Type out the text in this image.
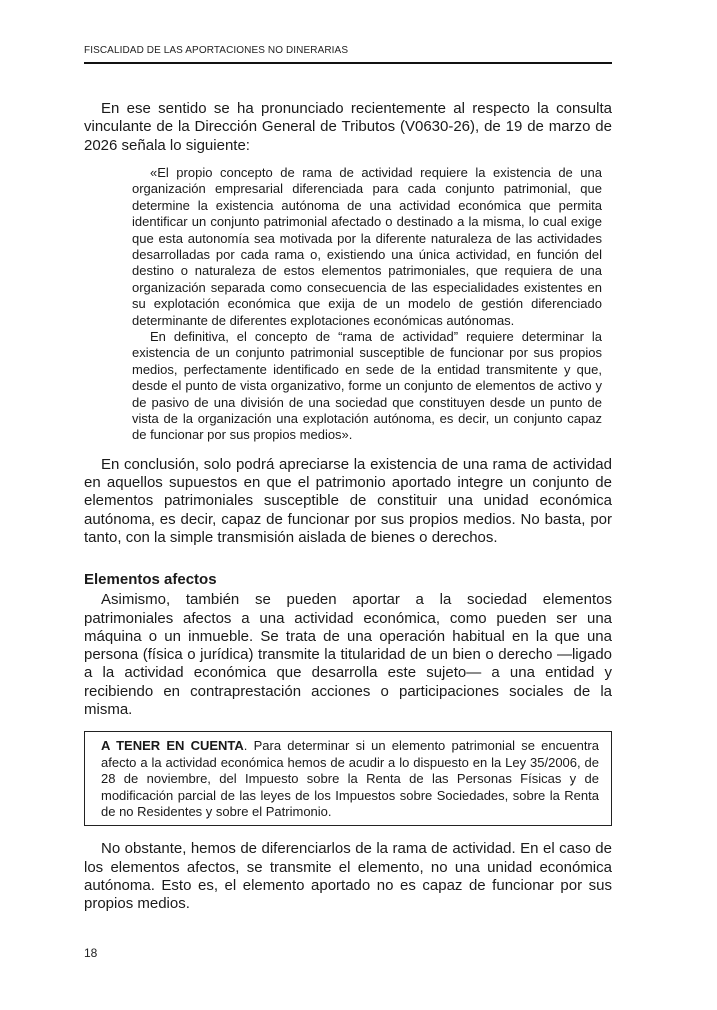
FISCALIDAD DE LAS APORTACIONES NO DINERARIAS

En ese sentido se ha pronunciado recientemente al respecto la consulta vinculante de la Dirección General de Tributos (V0630-26), de 19 de marzo de 2026 señala lo siguiente:

«El propio concepto de rama de actividad requiere la existencia de una organización empresarial diferenciada para cada conjunto patrimonial, que determine la existencia autónoma de una actividad económica que permita identificar un conjunto patrimonial afectado o destinado a la misma, lo cual exige que esta autonomía sea motivada por la diferente naturaleza de las actividades desarrolladas por cada rama o, existiendo una única actividad, en función del destino o naturaleza de estos elementos patrimoniales, que requiera de una organización separada como consecuencia de las especialidades existentes en su explotación económica que exija de un modelo de gestión diferenciado determinante de diferentes explotaciones económicas autónomas.

En definitiva, el concepto de “rama de actividad” requiere determinar la existencia de un conjunto patrimonial susceptible de funcionar por sus propios medios, perfectamente identificado en sede de la entidad transmitente y que, desde el punto de vista organizativo, forme un conjunto de elementos de activo y de pasivo de una división de una sociedad que constituyen desde un punto de vista de la organización una explotación autónoma, es decir, un conjunto capaz de funcionar por sus propios medios».

En conclusión, solo podrá apreciarse la existencia de una rama de actividad en aquellos supuestos en que el patrimonio aportado integre un conjunto de elementos patrimoniales susceptible de constituir una unidad económica autónoma, es decir, capaz de funcionar por sus propios medios. No basta, por tanto, con la simple transmisión aislada de bienes o derechos.

Elementos afectos

Asimismo, también se pueden aportar a la sociedad elementos patrimoniales afectos a una actividad económica, como pueden ser una máquina o un inmueble. Se trata de una operación habitual en la que una persona (física o jurídica) transmite la titularidad de un bien o derecho —ligado a la actividad económica que desarrolla este sujeto— a una entidad y recibiendo en contraprestación acciones o participaciones sociales de la misma.

A TENER EN CUENTA. Para determinar si un elemento patrimonial se encuentra afecto a la actividad económica hemos de acudir a lo dispuesto en la Ley 35/2006, de 28 de noviembre, del Impuesto sobre la Renta de las Personas Físicas y de modificación parcial de las leyes de los Impuestos sobre Sociedades, sobre la Renta de no Residentes y sobre el Patrimonio.

No obstante, hemos de diferenciarlos de la rama de actividad. En el caso de los elementos afectos, se transmite el elemento, no una unidad económica autónoma. Esto es, el elemento aportado no es capaz de funcionar por sus propios medios.

18
